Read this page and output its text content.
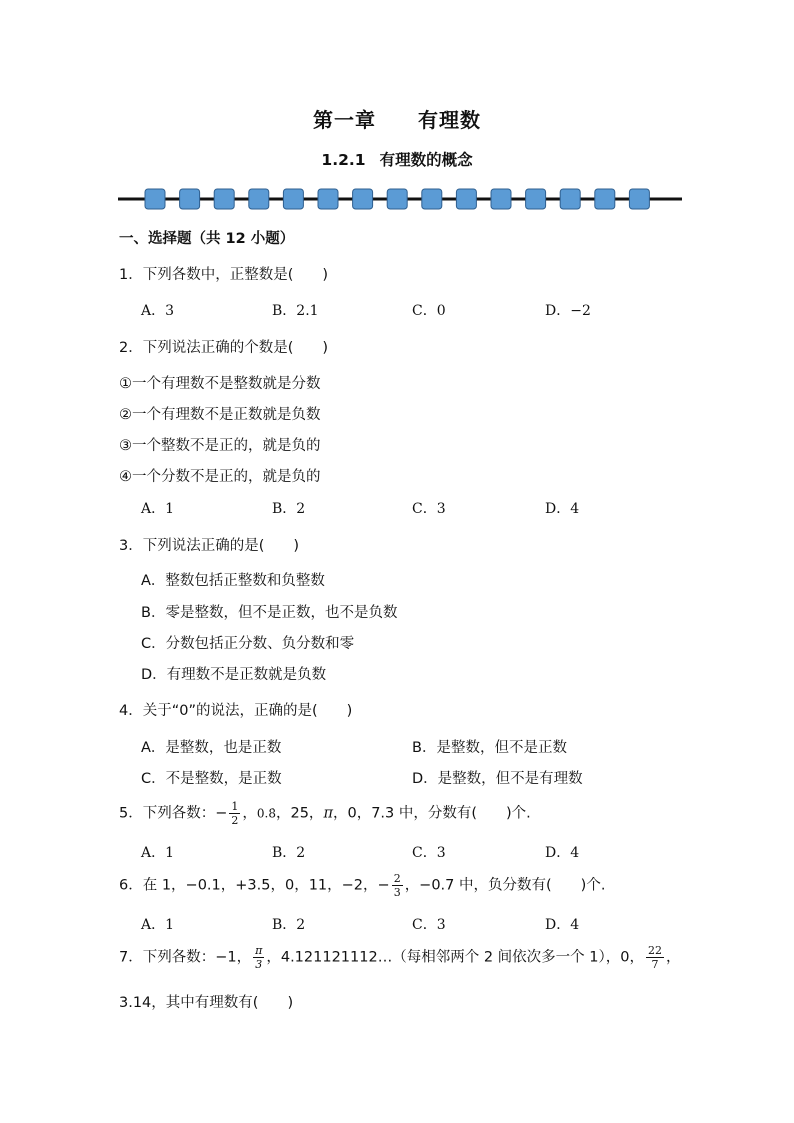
第一章 有理数
1.2.1 有理数的概念
一、选择题（共 12 小题）
1．下列各数中，正整数是(　　)
A．3	B．2.1	C．0	D．−2
2．下列说法正确的个数是(　　)
①一个有理数不是整数就是分数
②一个有理数不是正数就是负数
③一个整数不是正的，就是负的
④一个分数不是正的，就是负的
A．1	B．2	C．3	D．4
3．下列说法正确的是(　　)
A．整数包括正整数和负整数
B．零是整数，但不是正数，也不是负数
C．分数包括正分数、负分数和零
D．有理数不是正数就是负数
4．关于“0”的说法，正确的是(　　)
A．是整数，也是正数	B．是整数，但不是正数
C．不是整数，是正数	D．是整数，但不是有理数
5．下列各数：− $\frac{1}{2}$ ，0.8̇，25，π，0，7.3 中，分数有(　　)个.
A．1	B．2	C．3	D．4
6．在 1，−0.1，+3.5，0，11，−2，− $\frac{2}{3}$ ，−0.7 中，负分数有(　　)个.
A．1	B．2	C．3	D．4
7．下列各数：−1， $\frac{\pi}{3}$ ，4.121121112…（每相邻两个 2 间依次多一个 1），0， $\frac{22}{7}$ ，
3.14，其中有理数有(　　)
